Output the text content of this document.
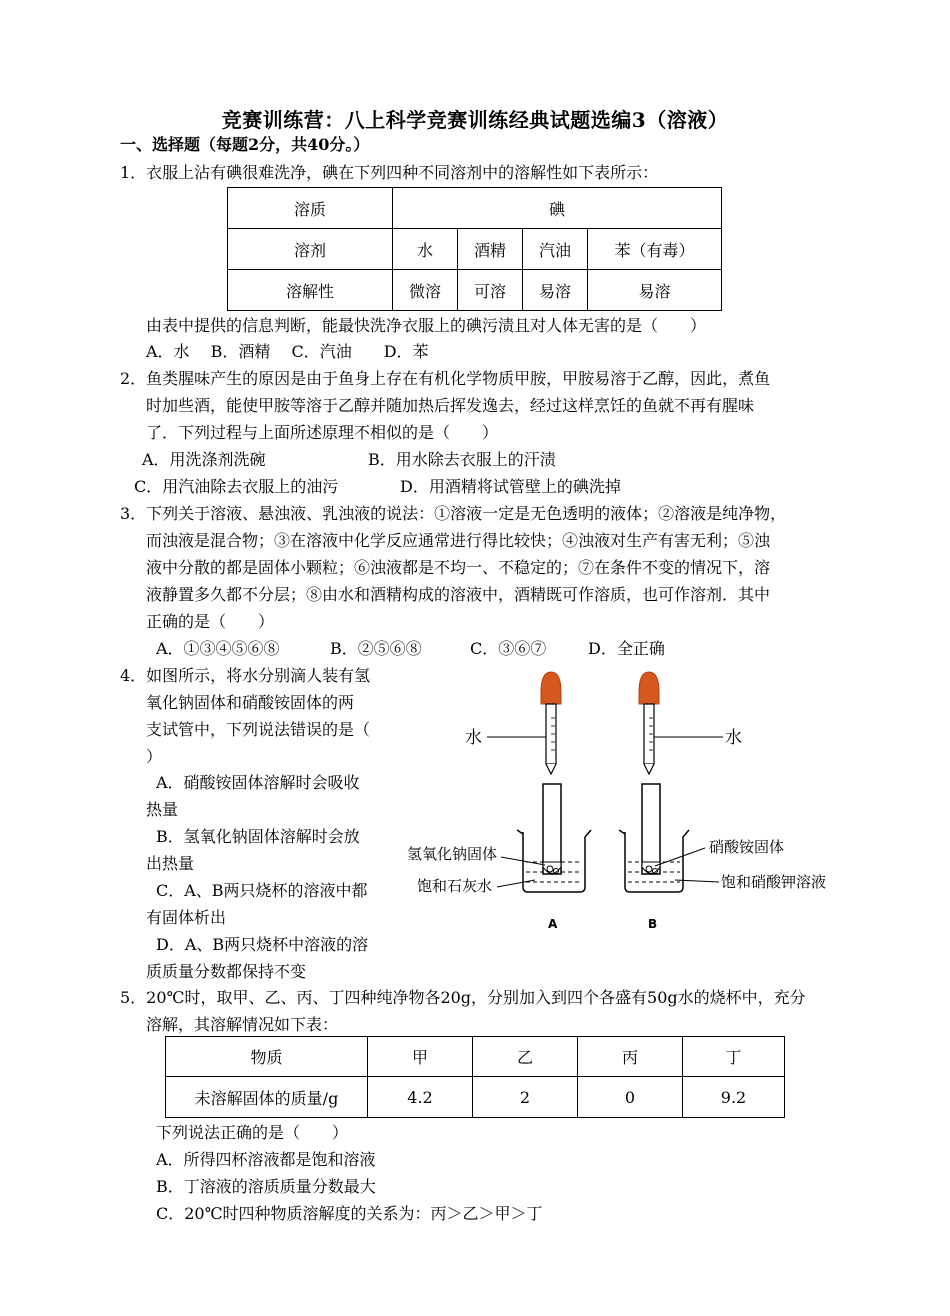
竞赛训练营：八上科学竞赛训练经典试题选编3（溶液）
一、选择题（每题2分，共40分。）
1．衣服上沾有碘很难洗净，碘在下列四种不同溶剂中的溶解性如下表所示：
溶质	碘			
溶剂	水	酒精	汽油	苯（有毒）
溶解性	微溶	可溶	易溶	易溶
由表中提供的信息判断，能最快洗净衣服上的碘污渍且对人体无害的是（　　）
A．水　 B．酒精　 C．汽油　　D．苯
2．鱼类腥味产生的原因是由于鱼身上存在有机化学物质甲胺，甲胺易溶于乙醇，因此，煮鱼
时加些酒，能使甲胺等溶于乙醇并随加热后挥发逸去，经过这样烹饪的鱼就不再有腥味
了．下列过程与上面所述原理不相似的是（　　）
A．用洗涤剂洗碗	B．用水除去衣服上的汗渍
C．用汽油除去衣服上的油污	D．用酒精将试管壁上的碘洗掉
3．下列关于溶液、悬浊液、乳浊液的说法：①溶液一定是无色透明的液体；②溶液是纯净物，
而浊液是混合物；③在溶液中化学反应通常进行得比较快；④浊液对生产有害无利；⑤浊
液中分散的都是固体小颗粒；⑥浊液都是不均一、不稳定的；⑦在条件不变的情况下，溶
液静置多久都不分层；⑧由水和酒精构成的溶液中，酒精既可作溶质，也可作溶剂．其中
正确的是（　　）
A．①③④⑤⑥⑧	B．②⑤⑥⑧	C．③⑥⑦	D．全正确
4．如图所示，将水分别滴人装有氢
氧化钠固体和硝酸铵固体的两
支试管中，下列说法错误的是（
）
A．硝酸铵固体溶解时会吸收
热量
B．氢氧化钠固体溶解时会放
出热量
C．A、B两只烧杯的溶液中都
有固体析出
D．A、B两只烧杯中溶液的溶
质质量分数都保持不变
水	水
氢氧化钠固体
饱和石灰水
A
硝酸铵固体
饱和硝酸钾溶液
B
5．20℃时，取甲、乙、丙、丁四种纯净物各20g，分别加入到四个各盛有50g水的烧杯中，充分
溶解，其溶解情况如下表：
物质	甲	乙	丙	丁
未溶解固体的质量/g	4.2	2	0	9.2
下列说法正确的是（　　）
A．所得四杯溶液都是饱和溶液
B．丁溶液的溶质质量分数最大
C．20℃时四种物质溶解度的关系为：丙＞乙＞甲＞丁
